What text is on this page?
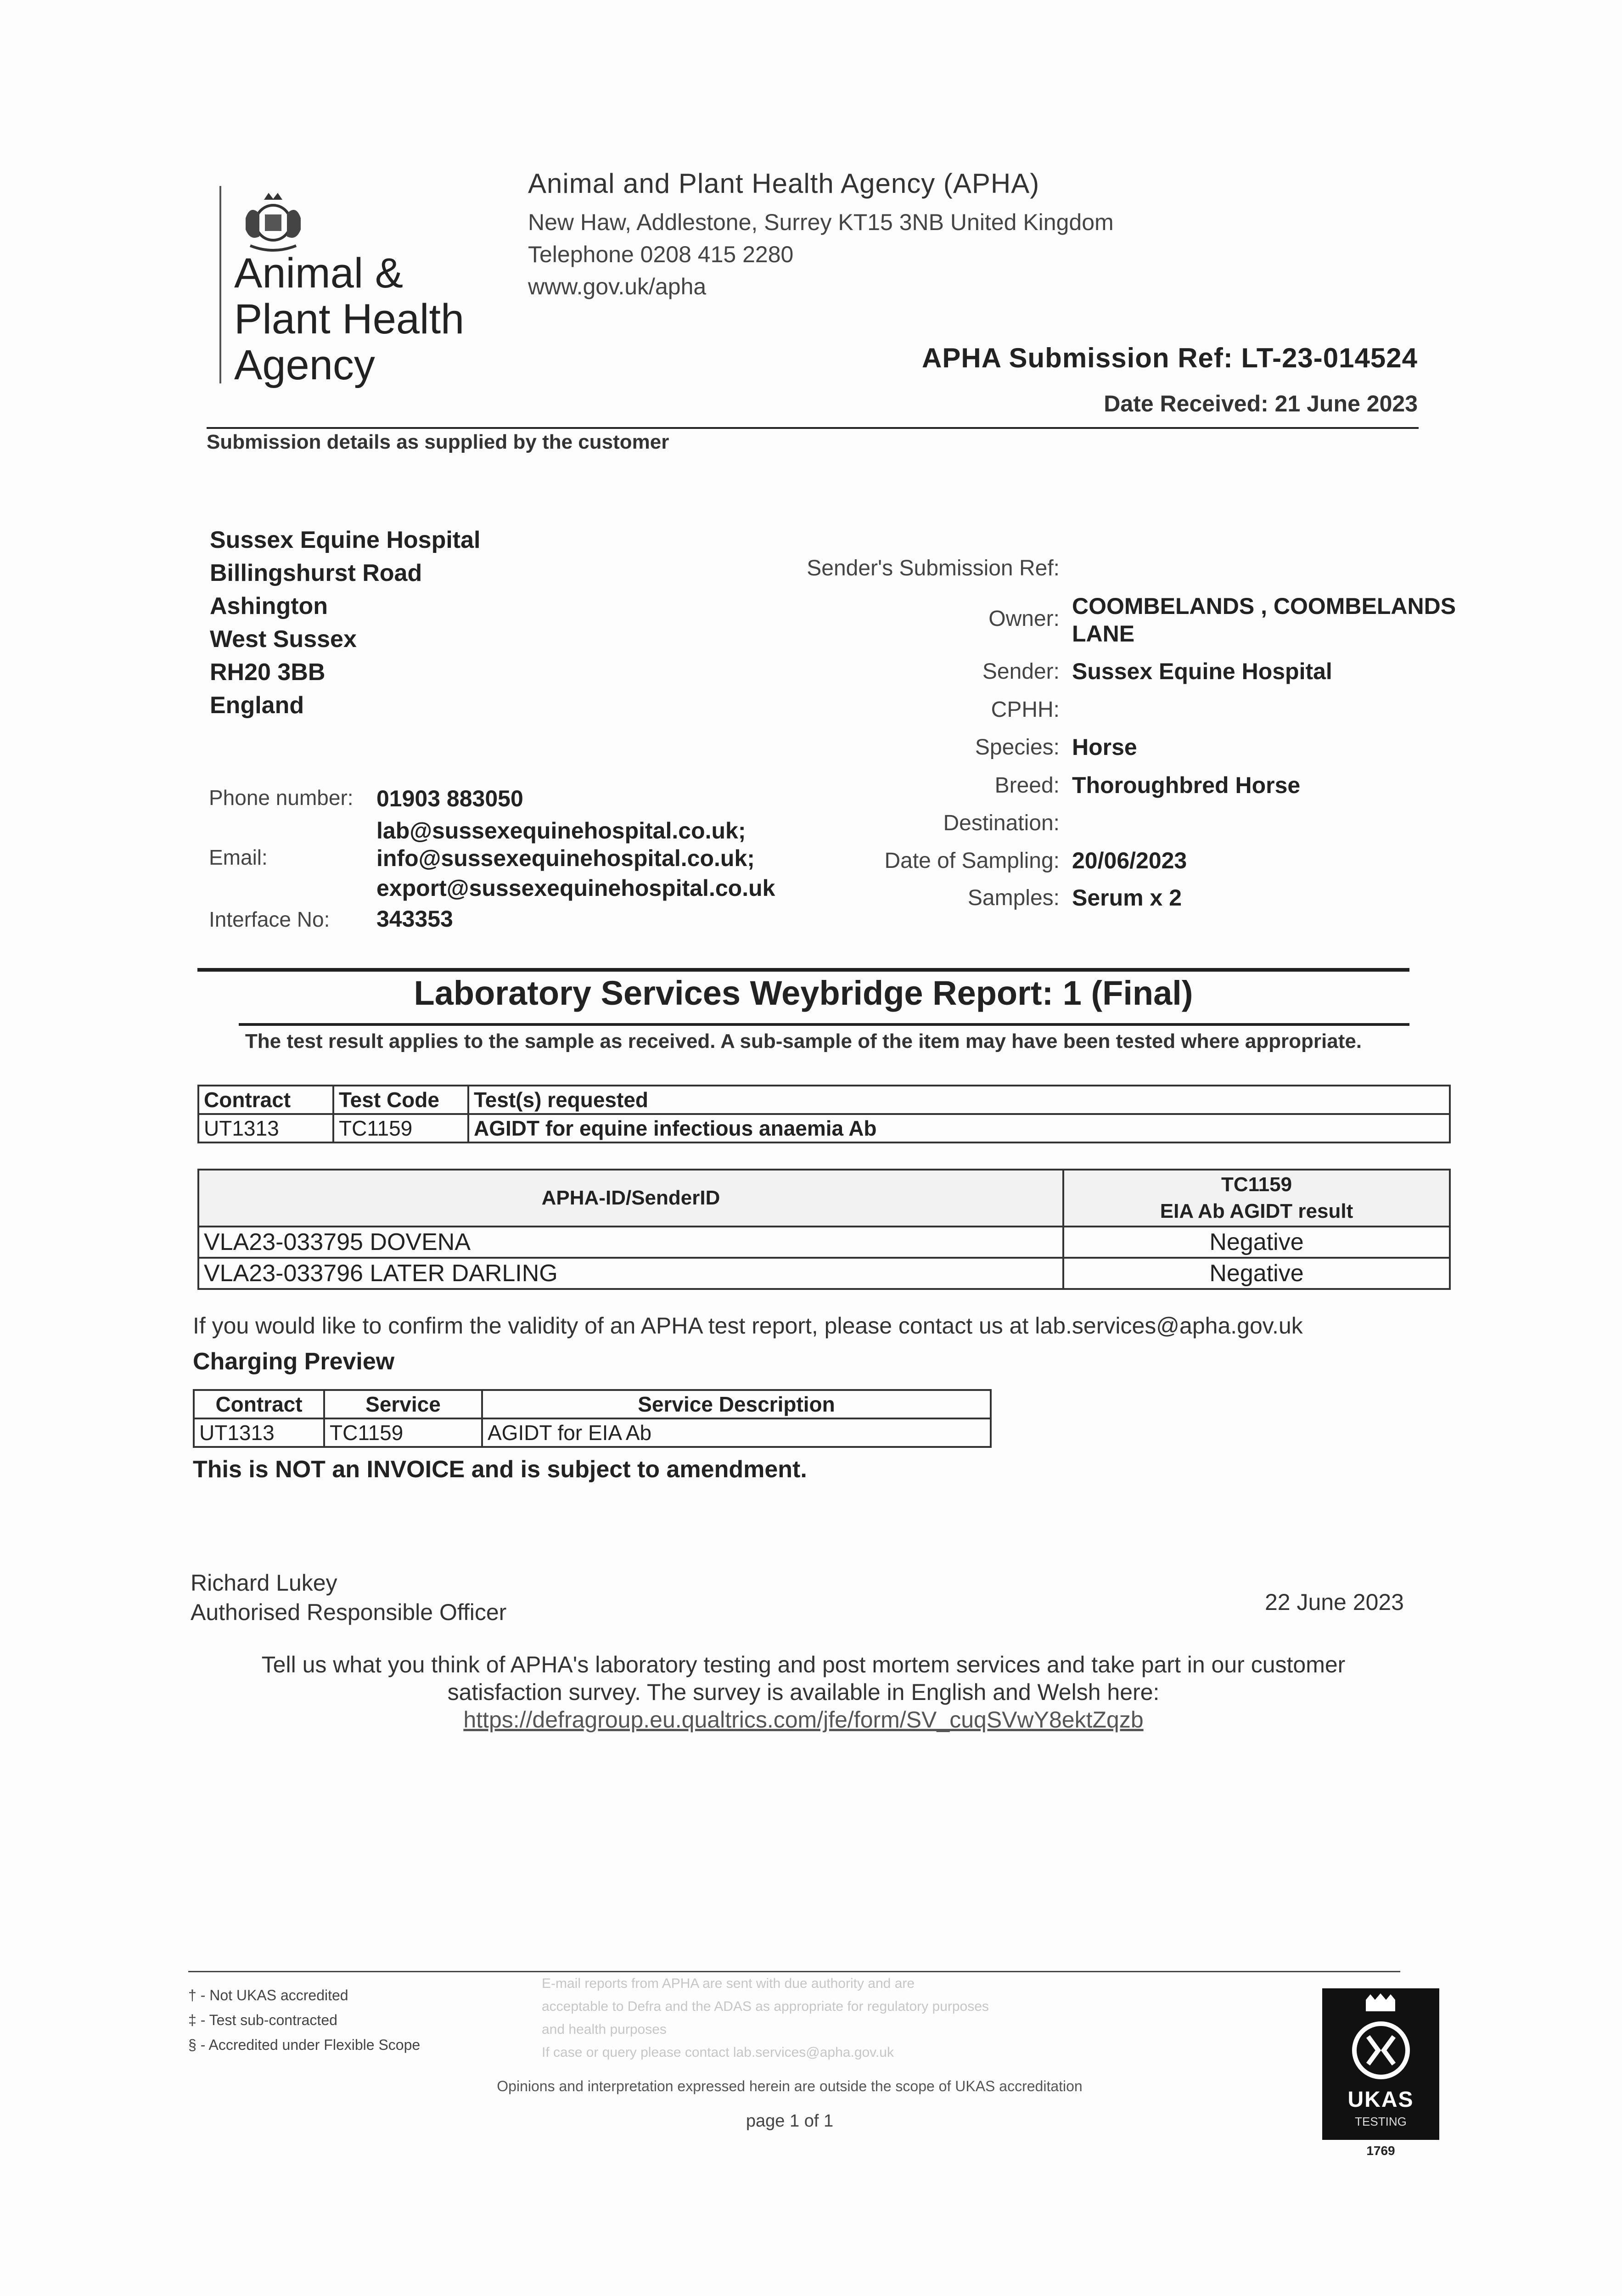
Animal &
Plant Health
Agency
Animal and Plant Health Agency (APHA)
New Haw, Addlestone, Surrey KT15 3NB United Kingdom
Telephone 0208 415 2280
www.gov.uk/apha
APHA Submission Ref: LT-23-014524
Date Received: 21 June 2023
Submission details as supplied by the customer
Sussex Equine Hospital
Billingshurst Road
Ashington
West Sussex
RH20 3BB
England
Phone number: 01903 883050
lab@sussexequinehospital.co.uk;
Email:	info@sussexequinehospital.co.uk;
export@sussexequinehospital.co.uk
Interface No: 343353
Sender's Submission Ref:
Owner: COOMBELANDS , COOMBELANDS LANE
Sender: Sussex Equine Hospital
CPHH:
Species: Horse
Breed: Thoroughbred Horse
Destination:
Date of Sampling: 20/06/2023
Samples: Serum x 2
Laboratory Services Weybridge Report: 1 (Final)
The test result applies to the sample as received. A sub-sample of the item may have been tested where appropriate.
Contract	Test Code	Test(s) requested
UT1313	TC1159	AGIDT for equine infectious anaemia Ab
APHA-ID/SenderID	TC1159
EIA Ab AGIDT result

VLA23-033795 DOVENA	Negative
VLA23-033796 LATER DARLING	Negative
If you would like to confirm the validity of an APHA test report, please contact us at lab.services@apha.gov.uk
Charging Preview
Contract	Service	Service Description
UT1313	TC1159	AGIDT for EIA Ab
This is NOT an INVOICE and is subject to amendment.
Richard Lukey
Authorised Responsible Officer	22 June 2023
Tell us what you think of APHA's laboratory testing and post mortem services and take part in our customer
satisfaction survey. The survey is available in English and Welsh here:
https://defragroup.eu.qualtrics.com/jfe/form/SV_cuqSVwY8ektZqzb
† - Not UKAS accredited
‡ - Test sub-contracted
§ - Accredited under Flexible Scope
E-mail reports from APHA are sent with due authority and are
acceptable to Defra and the ADAS as appropriate for regulatory purposes
and health purposes
If case or query please contact lab.services@apha.gov.uk
Opinions and interpretation expressed herein are outside the scope of UKAS accreditation
page 1 of 1
UKAS
TESTING
1769
